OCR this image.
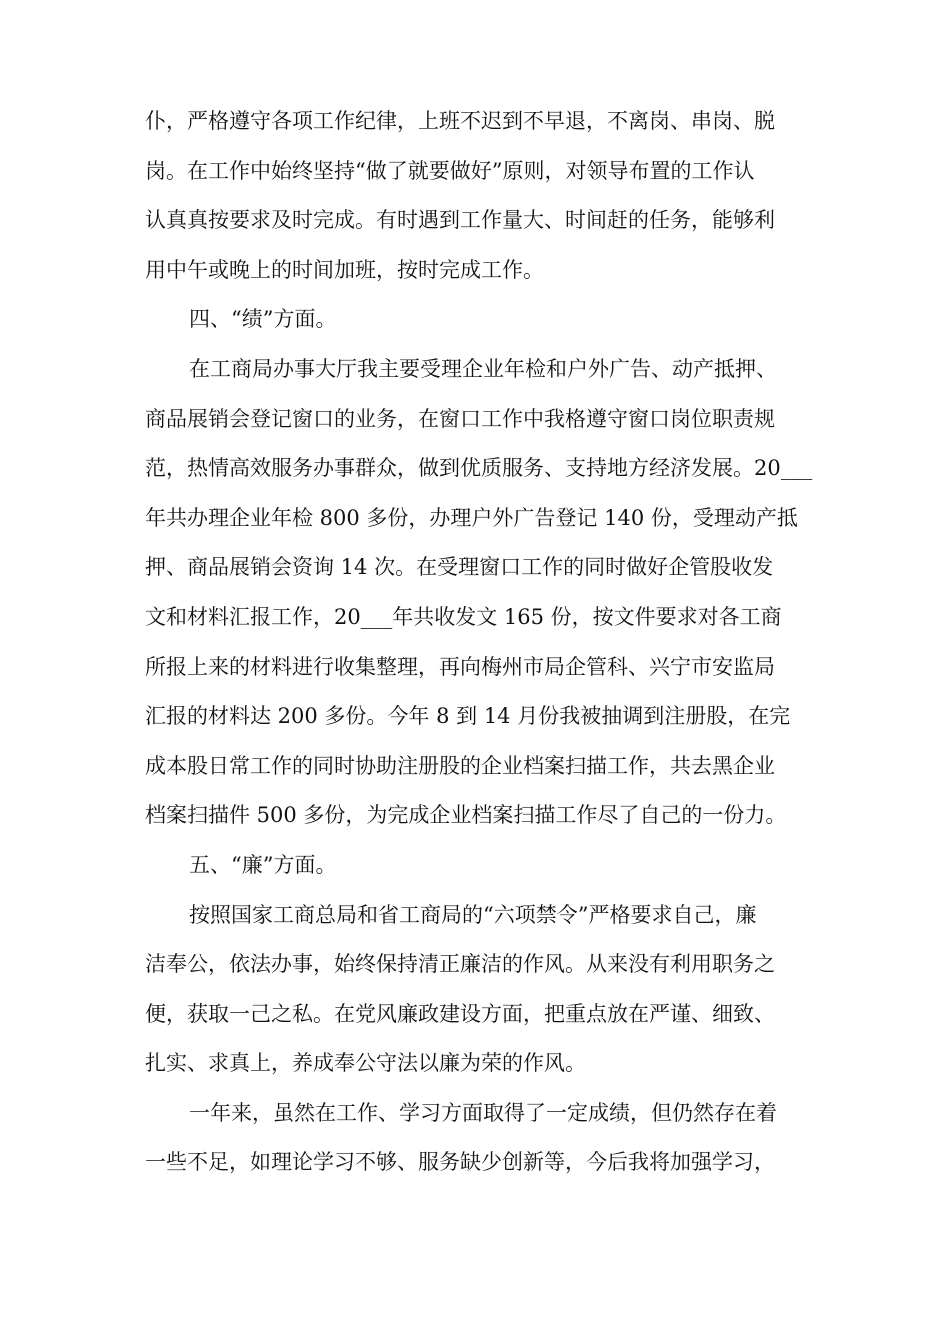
仆，严格遵守各项工作纪律，上班不迟到不早退，不离岗、串岗、脱

岗。在工作中始终坚持“做了就要做好”原则，对领导布置的工作认

认真真按要求及时完成。有时遇到工作量大、时间赶的任务，能够利

用中午或晚上的时间加班，按时完成工作。

四、“绩”方面。

在工商局办事大厅我主要受理企业年检和户外广告、动产抵押、

商品展销会登记窗口的业务，在窗口工作中我格遵守窗口岗位职责规

范，热情高效服务办事群众，做到优质服务、支持地方经济发展。20___

年共办理企业年检 800 多份，办理户外广告登记 140 份，受理动产抵

押、商品展销会资询 14 次。在受理窗口工作的同时做好企管股收发

文和材料汇报工作，20___年共收发文 165 份，按文件要求对各工商

所报上来的材料进行收集整理，再向梅州市局企管科、兴宁市安监局

汇报的材料达 200 多份。今年 8 到 14 月份我被抽调到注册股，在完

成本股日常工作的同时协助注册股的企业档案扫描工作，共去黑企业

档案扫描件 500 多份，为完成企业档案扫描工作尽了自己的一份力。

五、“廉”方面。

按照国家工商总局和省工商局的“六项禁令”严格要求自己，廉

洁奉公，依法办事，始终保持清正廉洁的作风。从来没有利用职务之

便，获取一己之私。在党风廉政建设方面，把重点放在严谨、细致、

扎实、求真上，养成奉公守法以廉为荣的作风。

一年来，虽然在工作、学习方面取得了一定成绩，但仍然存在着

一些不足，如理论学习不够、服务缺少创新等，今后我将加强学习，
